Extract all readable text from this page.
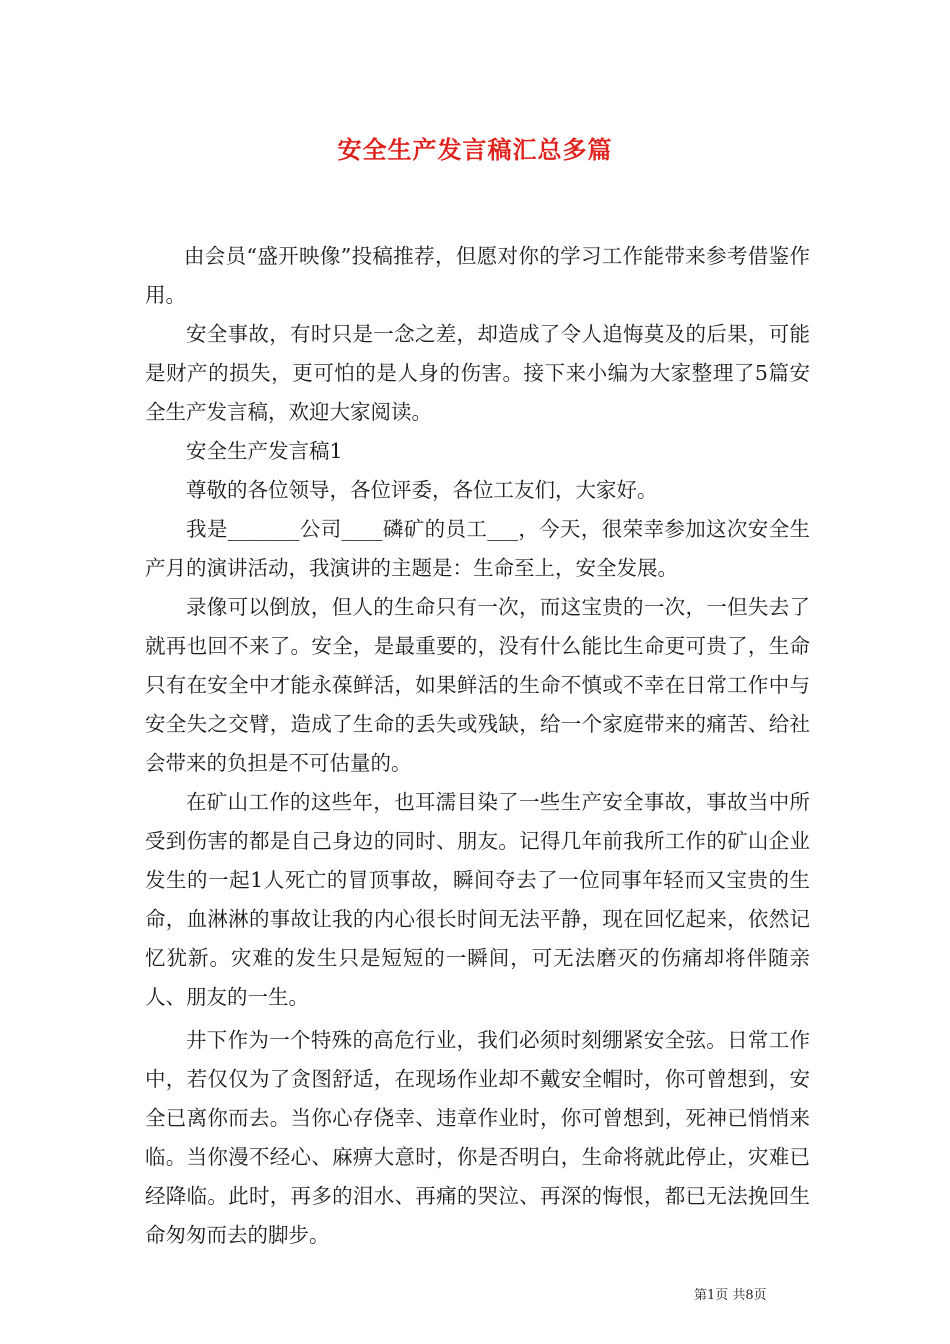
安全生产发言稿汇总多篇

由会员“盛开映像”投稿推荐，但愿对你的学习工作能带来参考借鉴作用。

安全事故，有时只是一念之差，却造成了令人追悔莫及的后果，可能是财产的损失，更可怕的是人身的伤害。接下来小编为大家整理了5篇安全生产发言稿，欢迎大家阅读。

安全生产发言稿1

尊敬的各位领导，各位评委，各位工友们，大家好。

我是_______公司____磷矿的员工___，今天，很荣幸参加这次安全生产月的演讲活动，我演讲的主题是：生命至上，安全发展。

录像可以倒放，但人的生命只有一次，而这宝贵的一次，一但失去了就再也回不来了。安全，是最重要的，没有什么能比生命更可贵了，生命只有在安全中才能永葆鲜活，如果鲜活的生命不慎或不幸在日常工作中与安全失之交臂，造成了生命的丢失或残缺，给一个家庭带来的痛苦、给社会带来的负担是不可估量的。

在矿山工作的这些年，也耳濡目染了一些生产安全事故，事故当中所受到伤害的都是自己身边的同时、朋友。记得几年前我所工作的矿山企业发生的一起1人死亡的冒顶事故，瞬间夺去了一位同事年轻而又宝贵的生命，血淋淋的事故让我的内心很长时间无法平静，现在回忆起来，依然记忆犹新。灾难的发生只是短短的一瞬间，可无法磨灭的伤痛却将伴随亲人、朋友的一生。

井下作为一个特殊的高危行业，我们必须时刻绷紧安全弦。日常工作中，若仅仅为了贪图舒适，在现场作业却不戴安全帽时，你可曾想到，安全已离你而去。当你心存侥幸、违章作业时，你可曾想到，死神已悄悄来临。当你漫不经心、麻痹大意时，你是否明白，生命将就此停止，灾难已经降临。此时，再多的泪水、再痛的哭泣、再深的悔恨，都已无法挽回生命匆匆而去的脚步。

第1页 共8页
